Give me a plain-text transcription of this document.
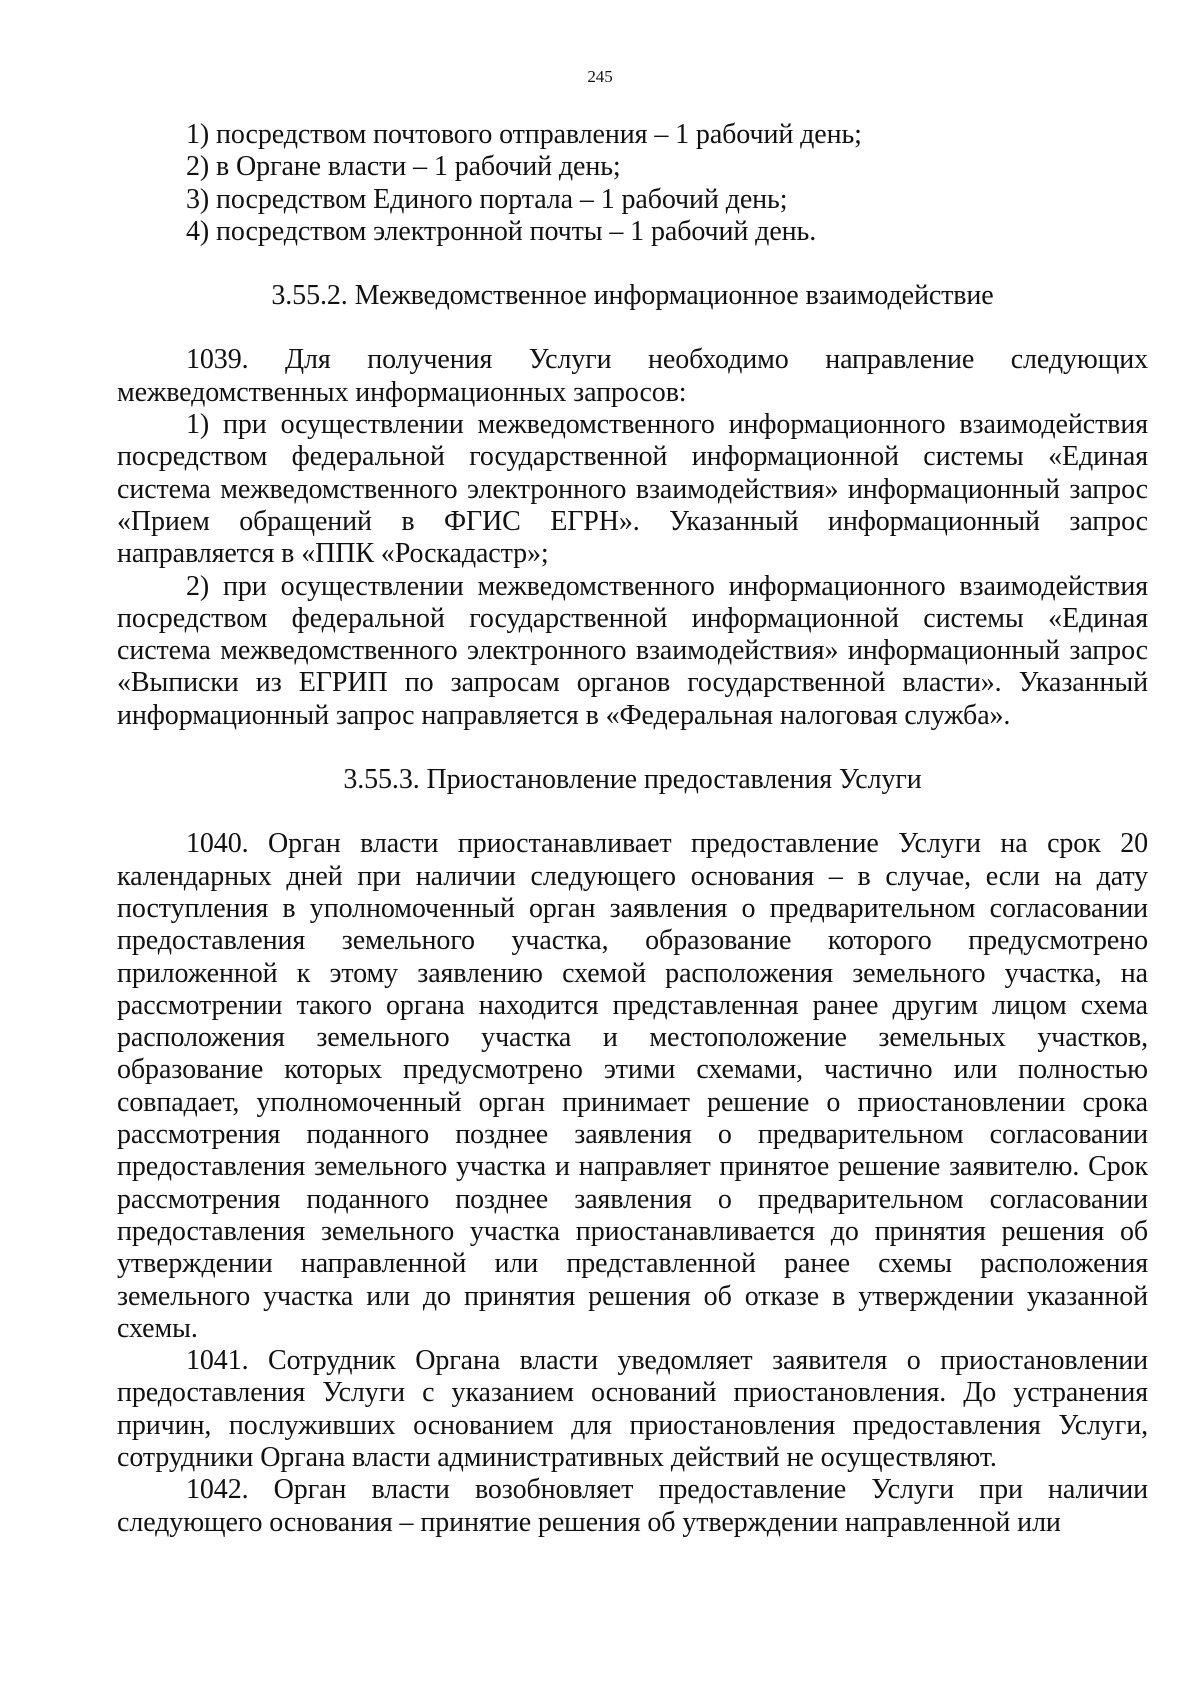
245

1) посредством почтового отправления – 1 рабочий день;

2) в Органе власти – 1 рабочий день;

3) посредством Единого портала – 1 рабочий день;

4) посредством электронной почты – 1 рабочий день.

3.55.2. Межведомственное информационное взаимодействие

1039. Для получения Услуги необходимо направление следующих межведомственных информационных запросов:

1) при осуществлении межведомственного информационного взаимодействия посредством федеральной государственной информационной системы «Единая система межведомственного электронного взаимодействия» информационный запрос «Прием обращений в ФГИС ЕГРН». Указанный информационный запрос направляется в «ППК «Роскадастр»;

2) при осуществлении межведомственного информационного взаимодействия посредством федеральной государственной информационной системы «Единая система межведомственного электронного взаимодействия» информационный запрос «Выписки из ЕГРИП по запросам органов государственной власти». Указанный информационный запрос направляется в «Федеральная налоговая служба».

3.55.3. Приостановление предоставления Услуги

1040. Орган власти приостанавливает предоставление Услуги на срок 20 календарных дней при наличии следующего основания – в случае, если на дату поступления в уполномоченный орган заявления о предварительном согласовании предоставления земельного участка, образование которого предусмотрено приложенной к этому заявлению схемой расположения земельного участка, на рассмотрении такого органа находится представленная ранее другим лицом схема расположения земельного участка и местоположение земельных участков, образование которых предусмотрено этими схемами, частично или полностью совпадает, уполномоченный орган принимает решение о приостановлении срока рассмотрения поданного позднее заявления о предварительном согласовании предоставления земельного участка и направляет принятое решение заявителю. Срок рассмотрения поданного позднее заявления о предварительном согласовании предоставления земельного участка приостанавливается до принятия решения об утверждении направленной или представленной ранее схемы расположения земельного участка или до принятия решения об отказе в утверждении указанной схемы.

1041. Сотрудник Органа власти уведомляет заявителя о приостановлении предоставления Услуги с указанием оснований приостановления. До устранения причин, послуживших основанием для приостановления предоставления Услуги, сотрудники Органа власти административных действий не осуществляют.

1042. Орган власти возобновляет предоставление Услуги при наличии следующего основания – принятие решения об утверждении направленной или
